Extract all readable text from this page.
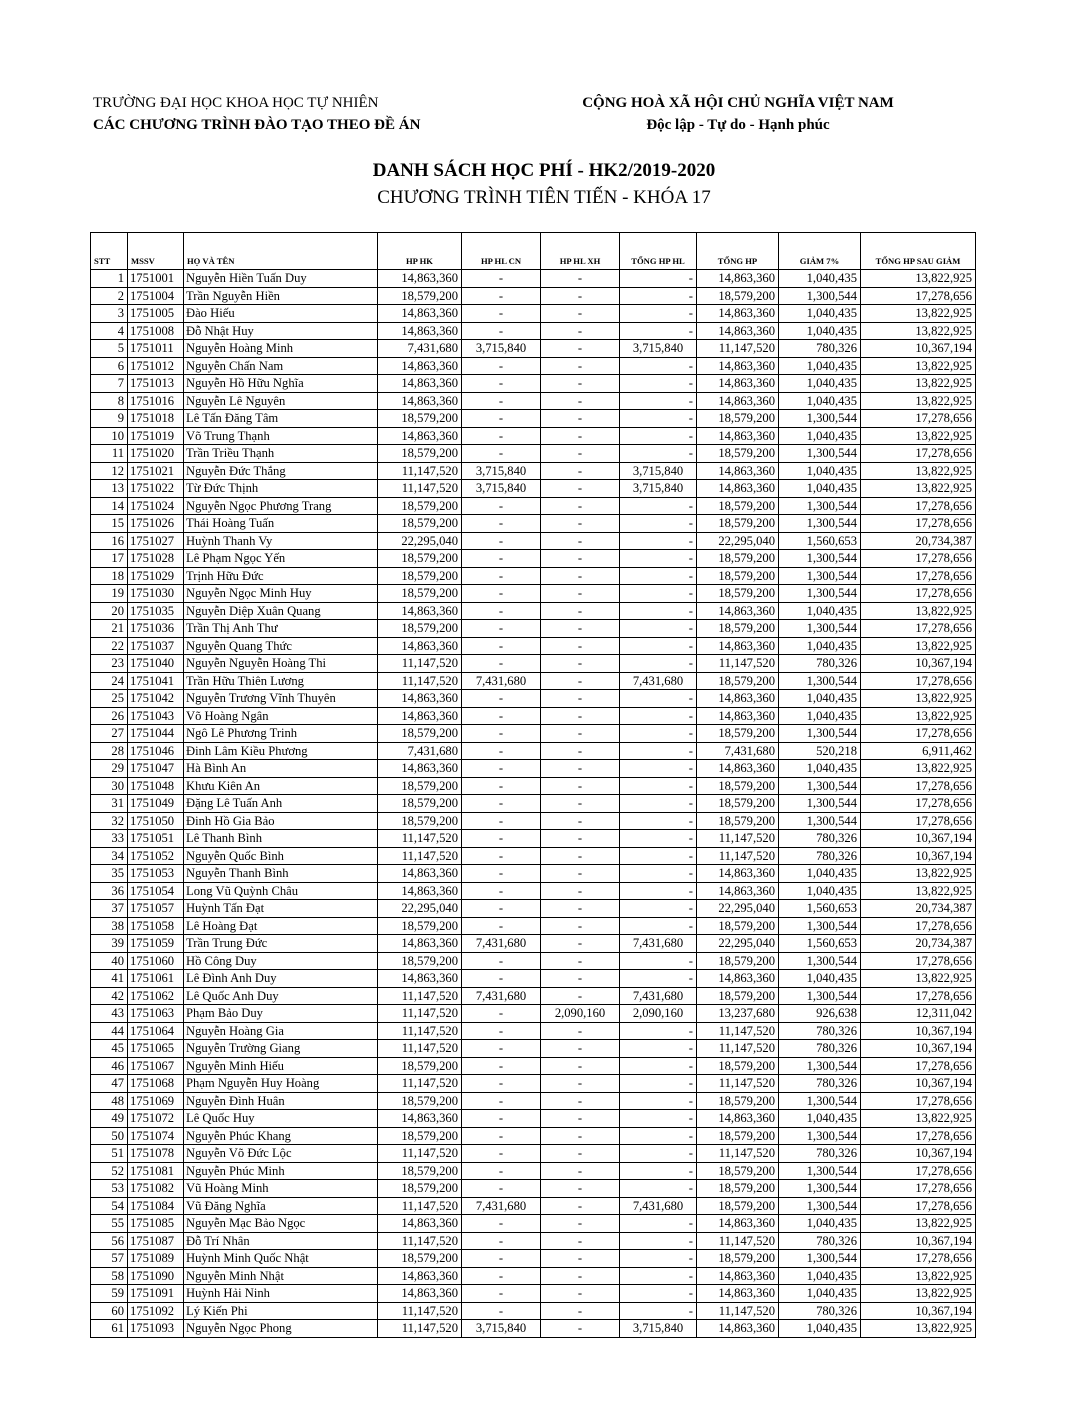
TRƯỜNG ĐẠI HỌC KHOA HỌC TỰ NHIÊN
CÁC CHƯƠNG TRÌNH ĐÀO TẠO THEO ĐỀ ÁN
CỘNG HOÀ XÃ HỘI CHỦ NGHĨA VIỆT NAM
Độc lập - Tự do - Hạnh phúc
DANH SÁCH HỌC PHÍ - HK2/2019-2020
CHƯƠNG TRÌNH TIÊN TIẾN - KHÓA 17
STT	MSSV	HỌ VÀ TÊN	HP HK	HP HL CN	HP HL XH	TỔNG HP HL	TỔNG HP	GIẢM 7%	TỔNG HP SAU GIẢM
1	1751001	Nguyễn Hiền Tuấn Duy	14,863,360	-	-	-	14,863,360	1,040,435	13,822,925
2	1751004	Trần Nguyễn Hiền	18,579,200	-	-	-	18,579,200	1,300,544	17,278,656
3	1751005	Đào Hiếu	14,863,360	-	-	-	14,863,360	1,040,435	13,822,925
4	1751008	Đỗ Nhật Huy	14,863,360	-	-	-	14,863,360	1,040,435	13,822,925
5	1751011	Nguyễn Hoàng Minh	7,431,680	3,715,840	-	3,715,840	11,147,520	780,326	10,367,194
6	1751012	Nguyễn Chấn Nam	14,863,360	-	-	-	14,863,360	1,040,435	13,822,925
7	1751013	Nguyễn Hồ Hữu Nghĩa	14,863,360	-	-	-	14,863,360	1,040,435	13,822,925
8	1751016	Nguyễn Lê Nguyên	14,863,360	-	-	-	14,863,360	1,040,435	13,822,925
9	1751018	Lê Tấn Đăng Tâm	18,579,200	-	-	-	18,579,200	1,300,544	17,278,656
10	1751019	Võ Trung Thạnh	14,863,360	-	-	-	14,863,360	1,040,435	13,822,925
11	1751020	Trần Triều Thạnh	18,579,200	-	-	-	18,579,200	1,300,544	17,278,656
12	1751021	Nguyễn Đức Thắng	11,147,520	3,715,840	-	3,715,840	14,863,360	1,040,435	13,822,925
13	1751022	Từ Đức Thịnh	11,147,520	3,715,840	-	3,715,840	14,863,360	1,040,435	13,822,925
14	1751024	Nguyễn Ngọc Phương Trang	18,579,200	-	-	-	18,579,200	1,300,544	17,278,656
15	1751026	Thái Hoàng Tuấn	18,579,200	-	-	-	18,579,200	1,300,544	17,278,656
16	1751027	Huỳnh Thanh Vy	22,295,040	-	-	-	22,295,040	1,560,653	20,734,387
17	1751028	Lê Phạm Ngọc Yến	18,579,200	-	-	-	18,579,200	1,300,544	17,278,656
18	1751029	Trịnh Hữu Đức	18,579,200	-	-	-	18,579,200	1,300,544	17,278,656
19	1751030	Nguyễn Ngọc Minh Huy	18,579,200	-	-	-	18,579,200	1,300,544	17,278,656
20	1751035	Nguyễn Diệp Xuân Quang	14,863,360	-	-	-	14,863,360	1,040,435	13,822,925
21	1751036	Trần Thị Anh Thư	18,579,200	-	-	-	18,579,200	1,300,544	17,278,656
22	1751037	Nguyễn Quang Thức	14,863,360	-	-	-	14,863,360	1,040,435	13,822,925
23	1751040	Nguyễn Nguyễn Hoàng Thi	11,147,520	-	-	-	11,147,520	780,326	10,367,194
24	1751041	Trần Hữu Thiên Lương	11,147,520	7,431,680	-	7,431,680	18,579,200	1,300,544	17,278,656
25	1751042	Nguyễn Trương Vĩnh Thuyên	14,863,360	-	-	-	14,863,360	1,040,435	13,822,925
26	1751043	Võ Hoàng Ngân	14,863,360	-	-	-	14,863,360	1,040,435	13,822,925
27	1751044	Ngô Lê Phương Trinh	18,579,200	-	-	-	18,579,200	1,300,544	17,278,656
28	1751046	Đinh Lâm Kiều Phương	7,431,680	-	-	-	7,431,680	520,218	6,911,462
29	1751047	Hà Bình An	14,863,360	-	-	-	14,863,360	1,040,435	13,822,925
30	1751048	Khưu Kiên An	18,579,200	-	-	-	18,579,200	1,300,544	17,278,656
31	1751049	Đặng Lê Tuấn Anh	18,579,200	-	-	-	18,579,200	1,300,544	17,278,656
32	1751050	Đinh Hồ Gia Bảo	18,579,200	-	-	-	18,579,200	1,300,544	17,278,656
33	1751051	Lê Thanh Bình	11,147,520	-	-	-	11,147,520	780,326	10,367,194
34	1751052	Nguyễn Quốc Bình	11,147,520	-	-	-	11,147,520	780,326	10,367,194
35	1751053	Nguyễn Thanh Bình	14,863,360	-	-	-	14,863,360	1,040,435	13,822,925
36	1751054	Long Vũ Quỳnh Châu	14,863,360	-	-	-	14,863,360	1,040,435	13,822,925
37	1751057	Huỳnh Tấn Đạt	22,295,040	-	-	-	22,295,040	1,560,653	20,734,387
38	1751058	Lê Hoàng Đạt	18,579,200	-	-	-	18,579,200	1,300,544	17,278,656
39	1751059	Trần Trung Đức	14,863,360	7,431,680	-	7,431,680	22,295,040	1,560,653	20,734,387
40	1751060	Hồ Công Duy	18,579,200	-	-	-	18,579,200	1,300,544	17,278,656
41	1751061	Lê Đình Anh Duy	14,863,360	-	-	-	14,863,360	1,040,435	13,822,925
42	1751062	Lê Quốc Anh Duy	11,147,520	7,431,680	-	7,431,680	18,579,200	1,300,544	17,278,656
43	1751063	Phạm Bảo Duy	11,147,520	-	2,090,160	2,090,160	13,237,680	926,638	12,311,042
44	1751064	Nguyễn Hoàng Gia	11,147,520	-	-	-	11,147,520	780,326	10,367,194
45	1751065	Nguyễn Trường Giang	11,147,520	-	-	-	11,147,520	780,326	10,367,194
46	1751067	Nguyễn Minh Hiếu	18,579,200	-	-	-	18,579,200	1,300,544	17,278,656
47	1751068	Phạm Nguyễn Huy Hoàng	11,147,520	-	-	-	11,147,520	780,326	10,367,194
48	1751069	Nguyễn Đình Huân	18,579,200	-	-	-	18,579,200	1,300,544	17,278,656
49	1751072	Lê Quốc Huy	14,863,360	-	-	-	14,863,360	1,040,435	13,822,925
50	1751074	Nguyễn Phúc Khang	18,579,200	-	-	-	18,579,200	1,300,544	17,278,656
51	1751078	Nguyễn Võ Đức Lộc	11,147,520	-	-	-	11,147,520	780,326	10,367,194
52	1751081	Nguyễn Phúc Minh	18,579,200	-	-	-	18,579,200	1,300,544	17,278,656
53	1751082	Vũ Hoàng Minh	18,579,200	-	-	-	18,579,200	1,300,544	17,278,656
54	1751084	Vũ Đăng Nghĩa	11,147,520	7,431,680	-	7,431,680	18,579,200	1,300,544	17,278,656
55	1751085	Nguyễn Mạc Bảo Ngọc	14,863,360	-	-	-	14,863,360	1,040,435	13,822,925
56	1751087	Đỗ Trí Nhân	11,147,520	-	-	-	11,147,520	780,326	10,367,194
57	1751089	Huỳnh Minh Quốc Nhật	18,579,200	-	-	-	18,579,200	1,300,544	17,278,656
58	1751090	Nguyễn Minh Nhật	14,863,360	-	-	-	14,863,360	1,040,435	13,822,925
59	1751091	Huỳnh Hải Ninh	14,863,360	-	-	-	14,863,360	1,040,435	13,822,925
60	1751092	Lý Kiến Phi	11,147,520	-	-	-	11,147,520	780,326	10,367,194
61	1751093	Nguyễn Ngọc Phong	11,147,520	3,715,840	-	3,715,840	14,863,360	1,040,435	13,822,925
